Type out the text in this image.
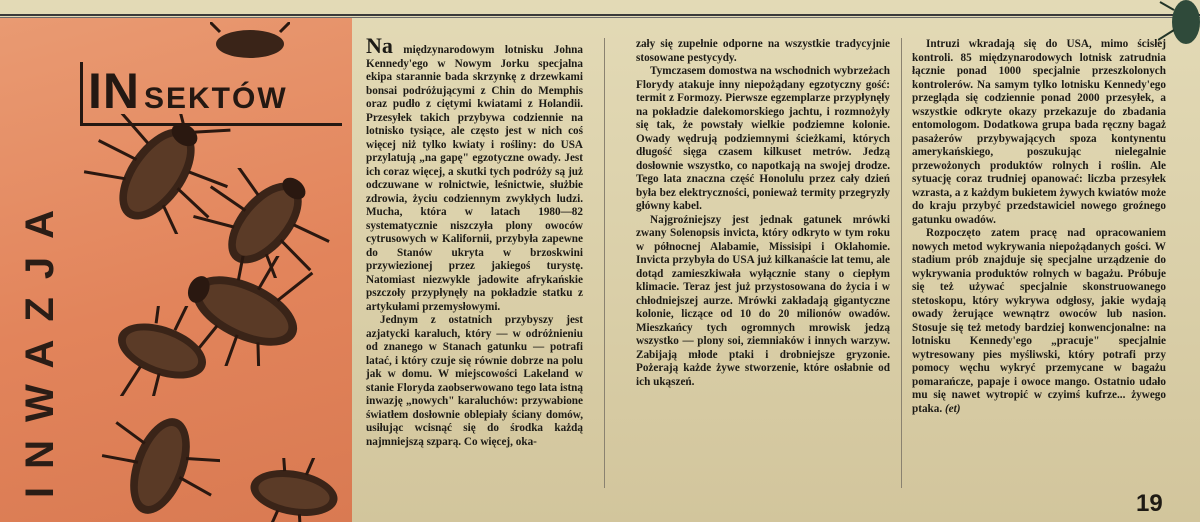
INWAZJA
IN SEKTÓW

Na międzynarodowym lotnisku Johna Kennedy'ego w Nowym Jorku specjalna ekipa starannie bada skrzynkę z drzewkami bonsai podróżującymi z Chin do Memphis oraz pudło z ciętymi kwiatami z Holandii. Przesyłek takich przybywa codziennie na lotnisko tysiące, ale często jest w nich coś więcej niż tylko kwiaty i rośliny: do USA przylatują „na gapę" egzotyczne owady. Jest ich coraz więcej, a skutki tych podróży są już odczuwane w rolnictwie, leśnictwie, służbie zdrowia, życiu codziennym zwykłych ludzi. Mucha, która w latach 1980—82 systematycznie niszczyła plony owoców cytrusowych w Kalifornii, przybyła zapewne do Stanów ukryta w brzoskwini przywiezionej przez jakiegoś turystę. Natomiast niezwykle jadowite afrykańskie pszczoły przypłynęły na pokładzie statku z artykułami przemysłowymi.

Jednym z ostatnich przybyszy jest azjatycki karaluch, który — w odróżnieniu od znanego w Stanach gatunku — potrafi latać, i który czuje się równie dobrze na polu jak w domu. W miejscowości Lakeland w stanie Floryda zaobserwowano tego lata istną inwazję „nowych" karaluchów: przywabione światłem dosłownie oblepiały ściany domów, usiłując wcisnąć się do środka każdą najmniejszą szparą. Co więcej, oka-

zały się zupełnie odporne na wszystkie tradycyjnie stosowane pestycydy.

Tymczasem domostwa na wschodnich wybrzeżach Florydy atakuje inny niepożądany egzotyczny gość: termit z Formozy. Pierwsze egzemplarze przypłynęły na pokładzie dalekomorskiego jachtu, i rozmnożyły się tak, że powstały wielkie podziemne kolonie. Owady wędrują podziemnymi ścieżkami, których długość sięga czasem kilkuset metrów. Jedzą dosłownie wszystko, co napotkają na swojej drodze. Tego lata znaczna część Honolulu przez cały dzień była bez elektryczności, ponieważ termity przegryzły główny kabel.

Najgroźniejszy jest jednak gatunek mrówki zwany Solenopsis invicta, który odkryto w tym roku w północnej Alabamie, Missisipi i Oklahomie. Invicta przybyła do USA już kilkanaście lat temu, ale dotąd zamieszkiwała wyłącznie stany o ciepłym klimacie. Teraz jest już przystosowana do życia i w chłodniejszej aurze. Mrówki zakładają gigantyczne kolonie, liczące od 10 do 20 milionów owadów. Mieszkańcy tych ogromnych mrowisk jedzą wszystko — plony soi, ziemniaków i innych warzyw. Zabijają młode ptaki i drobniejsze gryzonie. Pożerają każde żywe stworzenie, które osłabnie od ich ukąszeń.

Intruzi wkradają się do USA, mimo ścisłej kontroli. 85 międzynarodowych lotnisk zatrudnia łącznie ponad 1000 specjalnie przeszkolonych kontrolerów. Na samym tylko lotnisku Kennedy'ego przegląda się codziennie ponad 2000 przesyłek, a wszystkie odkryte okazy przekazuje do zbadania entomologom. Dodatkowa grupa bada ręczny bagaż pasażerów przybywających spoza kontynentu amerykańskiego, poszukując nielegalnie przewożonych produktów rolnych i roślin. Ale sytuację coraz trudniej opanować: liczba przesyłek wzrasta, a z każdym bukietem żywych kwiatów może do kraju przybyć przedstawiciel nowego groźnego gatunku owadów.

Rozpoczęto zatem pracę nad opracowaniem nowych metod wykrywania niepożądanych gości. W stadium prób znajduje się specjalne urządzenie do wykrywania produktów rolnych w bagażu. Próbuje się też używać specjalnie skonstruowanego stetoskopu, który wykrywa odgłosy, jakie wydają owady żerujące wewnątrz owoców lub nasion. Stosuje się też metody bardziej konwencjonalne: na lotnisku Kennedy'ego „pracuje" specjalnie wytresowany pies myśliwski, który potrafi przy pomocy węchu wykryć przemycane w bagażu pomarańcze, papaje i owoce mango. Ostatnio udało mu się nawet wytropić w czyimś kufrze... żywego ptaka. (et)

19
